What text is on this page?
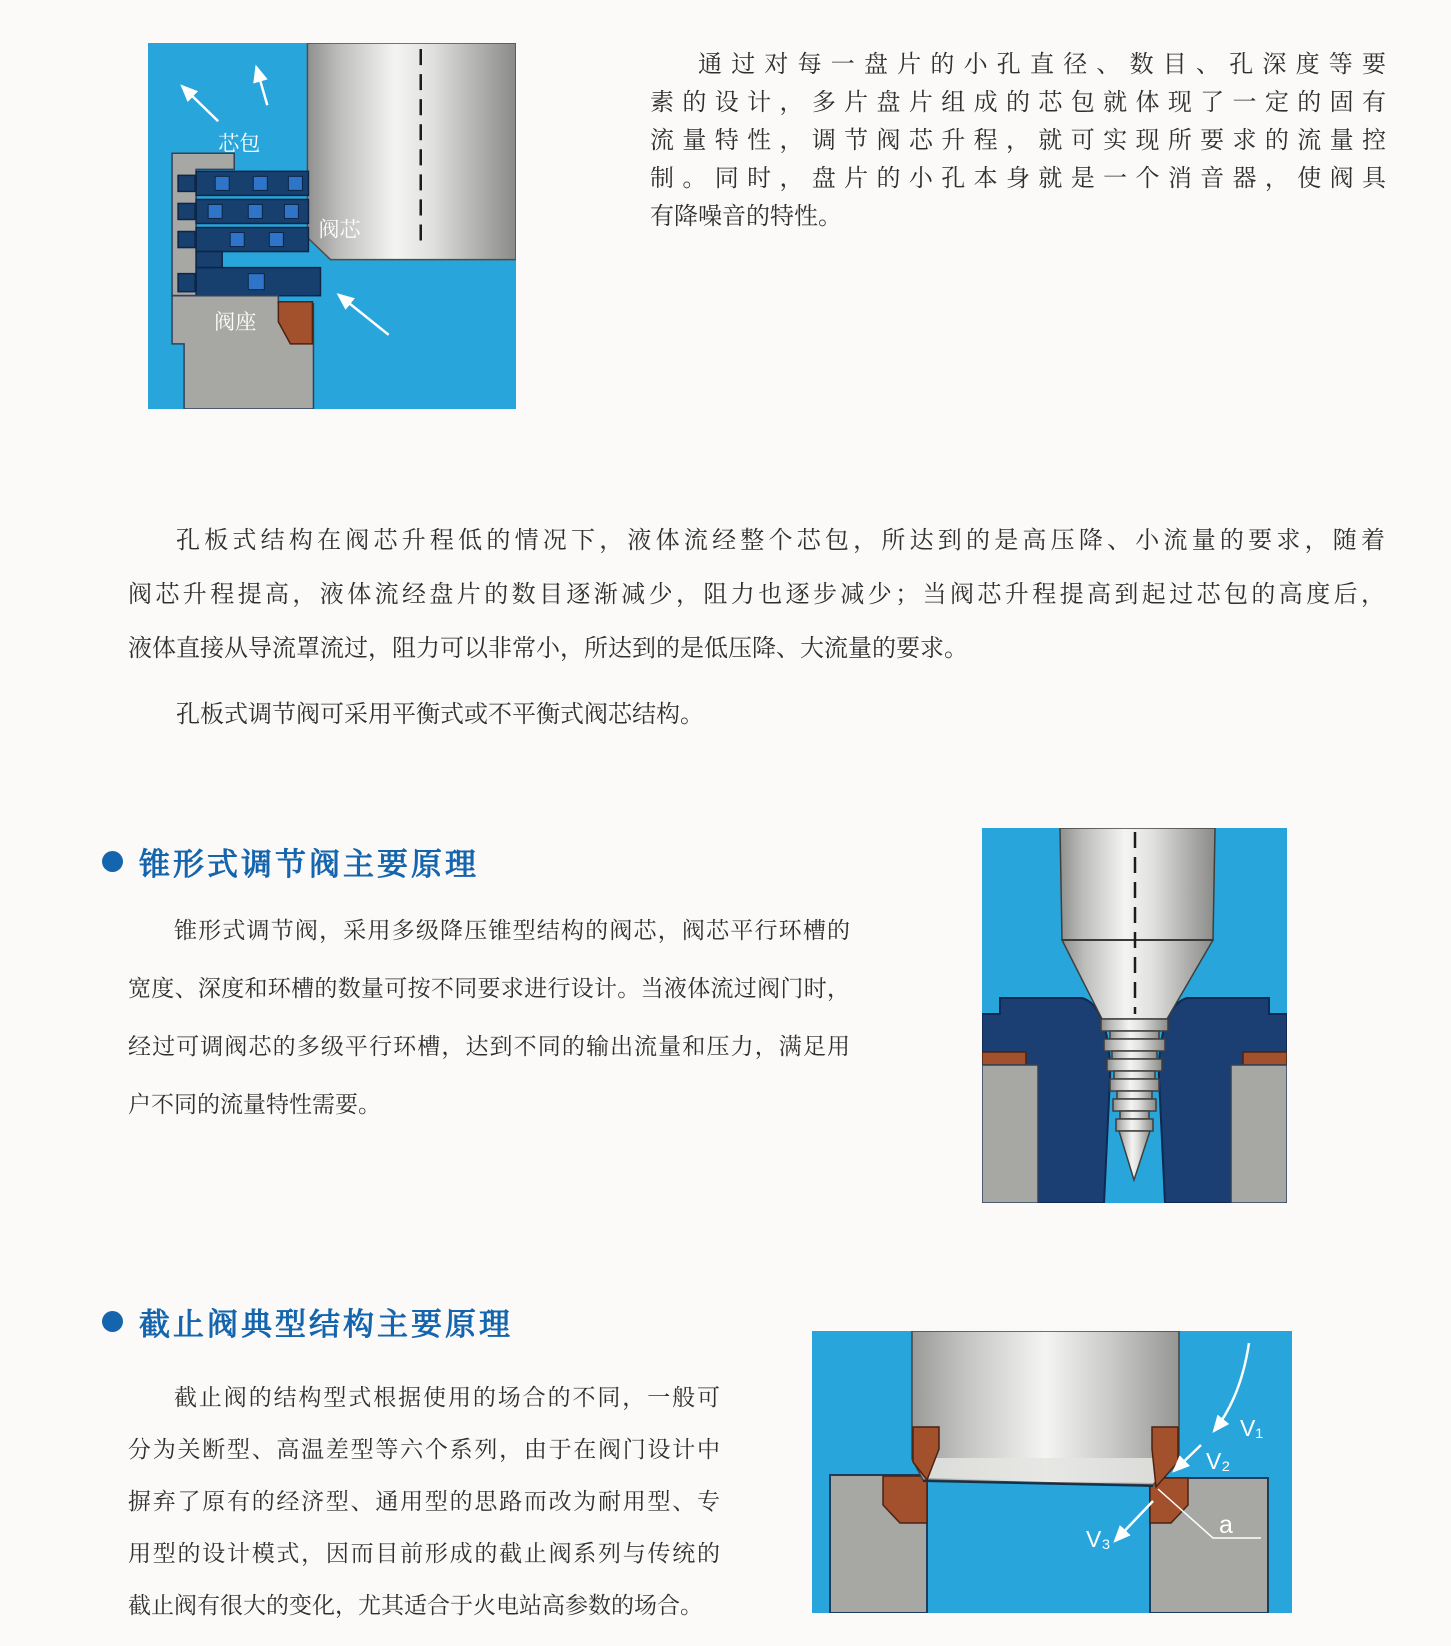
芯包
阀芯
阀座
通过对每一盘片的小孔直径、数目、孔深度等要
素的设计，多片盘片组成的芯包就体现了一定的固有
流量特性，调节阀芯升程，就可实现所要求的流量控
制。同时，盘片的小孔本身就是一个消音器，使阀具
有降噪音的特性。
孔板式结构在阀芯升程低的情况下，液体流经整个芯包，所达到的是高压降、小流量的要求，随着
阀芯升程提高，液体流经盘片的数目逐渐减少，阻力也逐步减少；当阀芯升程提高到起过芯包的高度后，
液体直接从导流罩流过，阻力可以非常小，所达到的是低压降、大流量的要求。
孔板式调节阀可采用平衡式或不平衡式阀芯结构。
锥形式调节阀主要原理
锥形式调节阀，采用多级降压锥型结构的阀芯，阀芯平行环槽的
宽度、深度和环槽的数量可按不同要求进行设计。当液体流过阀门时，
经过可调阀芯的多级平行环槽，达到不同的输出流量和压力，满足用
户不同的流量特性需要。
截止阀典型结构主要原理
截止阀的结构型式根据使用的场合的不同，一般可
分为关断型、高温差型等六个系列，由于在阀门设计中
摒弃了原有的经济型、通用型的思路而改为耐用型、专
用型的设计模式，因而目前形成的截止阀系列与传统的
截止阀有很大的变化，尤其适合于火电站高参数的场合。
V₁
V₂
V₃	a
